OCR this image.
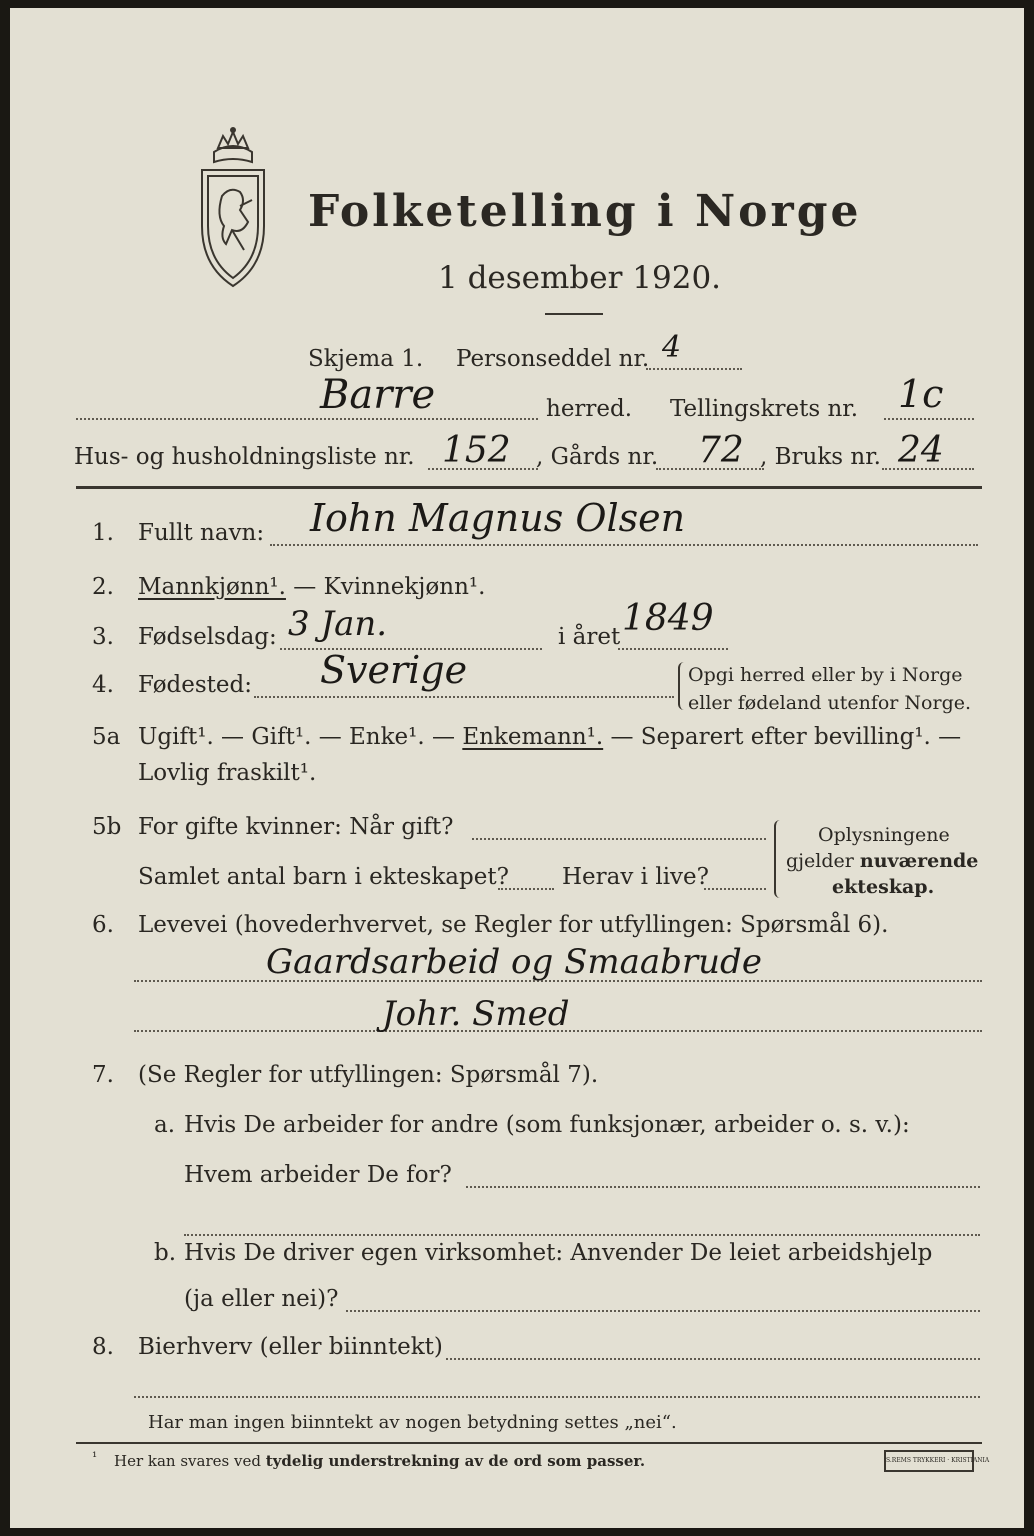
Folketelling i Norge
1 desember 1920.
Skjema 1. Personseddel nr. 4
Barre	herred. Tellingskrets nr. 1c
Hus- og husholdningsliste nr. 152 , Gårds nr. 72 , Bruks nr. 24
1. Fullt navn: Iohn Magnus Olsen
2. Mannkjønn¹. — Kvinnekjønn¹.
3. Fødselsdag: 3 Jan.	i året 1849
4. Fødested: Sverige	Opgi herred eller by i Norge
eller fødeland utenfor Norge.
5a Ugift¹. — Gift¹. — Enke¹. — Enkemann¹. — Separert efter bevilling¹. —
Lovlig fraskilt¹.
5b For gifte kvinner: Når gift?
Samlet antal barn i ekteskapet? Herav i live?
Oplysningene
gjelder nuværende
ekteskap.
6. Levevei (hovederhvervet, se Regler for utfyllingen: Spørsmål 6).
Gaardsarbeid og Smaabrude
Johr. Smed
7. (Se Regler for utfyllingen: Spørsmål 7).
a. Hvis De arbeider for andre (som funksjonær, arbeider o. s. v.):
Hvem arbeider De for?
b. Hvis De driver egen virksomhet: Anvender De leiet arbeidshjelp
(ja eller nei)?
8. Bierhverv (eller biinntekt)
Har man ingen biinntekt av nogen betydning settes „nei“.
¹ Her kan svares ved tydelig understrekning av de ord som passer.	S.REMS TRYKKERI · KRISTIANIA
